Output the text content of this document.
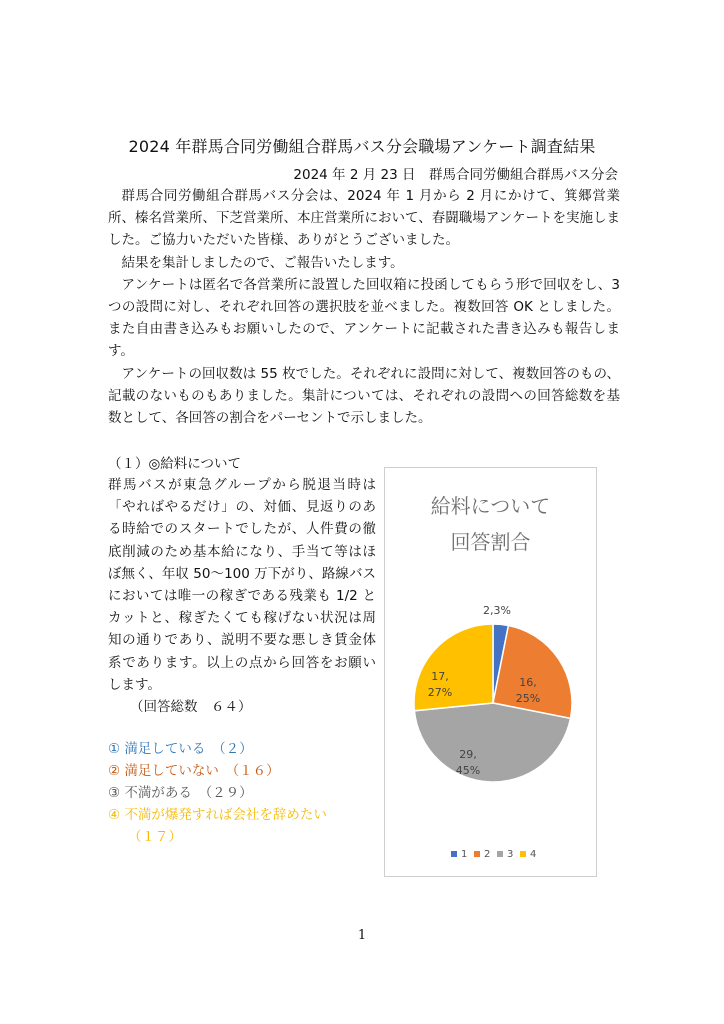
2024 年群馬合同労働組合群馬バス分会職場アンケート調査結果
2024 年 2 月 23 日　群馬合同労働組合群馬バス分会

群馬合同労働組合群馬バス分会は、2024 年 1 月から 2 月にかけて、箕郷営業所、榛名営業所、下芝営業所、本庄営業所において、春闘職場アンケートを実施しました。ご協力いただいた皆様、ありがとうございました。

結果を集計しましたので、ご報告いたします。

アンケートは匿名で各営業所に設置した回収箱に投函してもらう形で回収をし、3 つの設問に対し、それぞれ回答の選択肢を並べました。複数回答 OK としました。また自由書き込みもお願いしたので、アンケートに記載された書き込みも報告します。

アンケートの回収数は 55 枚でした。それぞれに設問に対して、複数回答のもの、記載のないものもありました。集計については、それぞれの設問への回答総数を基数として、各回答の割合をパーセントで示しました。

（１）◎給料について
群馬バスが東急グループから脱退当時は「やればやるだけ」の、対価、見返りのある時給でのスタートでしたが、人件費の徹底削減のため基本給になり、手当て等はほぼ無く、年収 50～100 万下がり、路線バスにおいては唯一の稼ぎである残業も 1/2 とカットと、稼ぎたくても稼げない状況は周知の通りであり、説明不要な悪しき賃金体系であります。以上の点から回答をお願いします。
（回答総数　６４）
① 満足している　 （２）
② 満足していない　 （１６）
③ 不満がある　 （２９）
④ 不満が爆発すれば会社を辞めたい
（１７）
給料について
回答割合
2,3%
16, 25%
29, 45%
17, 27%
1 2 3 4
1
